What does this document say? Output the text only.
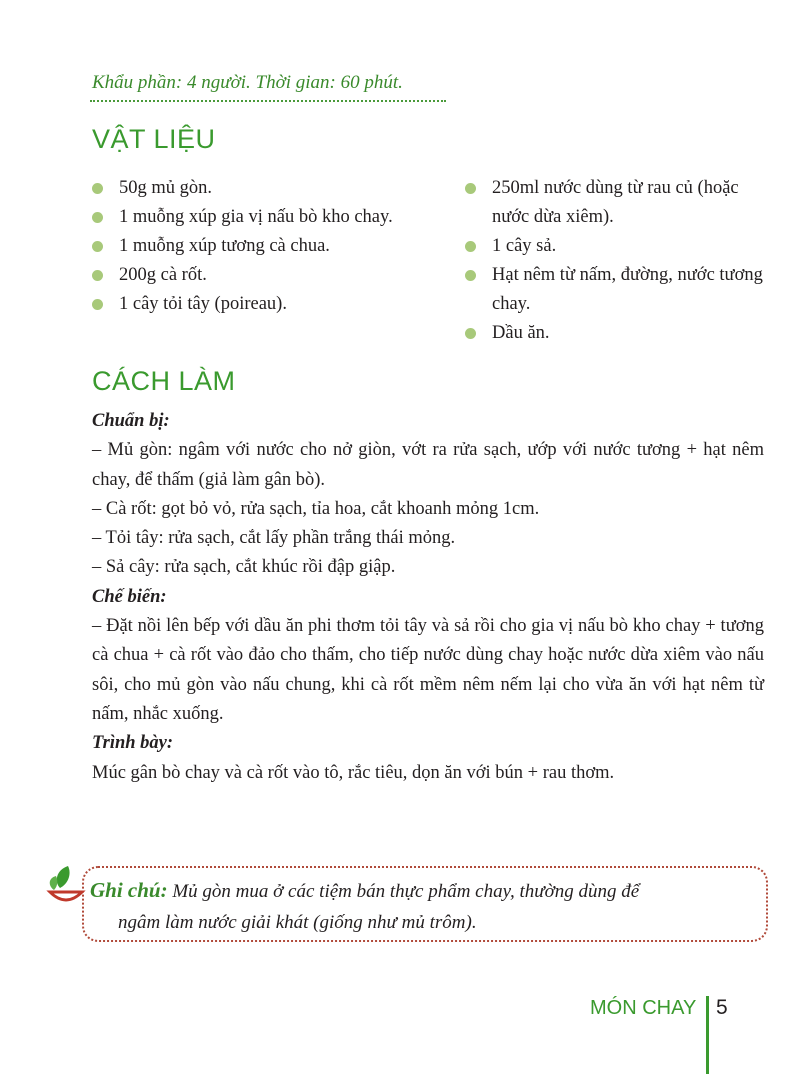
Khẩu phần: 4 người. Thời gian: 60 phút.
VẬT LIỆU
50g mủ gòn.
1 muỗng xúp gia vị nấu bò kho chay.
1 muỗng xúp tương cà chua.
200g cà rốt.
1 cây tỏi tây (poireau).
250ml nước dùng từ rau củ (hoặc nước dừa xiêm).
1 cây sả.
Hạt nêm từ nấm, đường, nước tương chay.
Dầu ăn.
CÁCH LÀM

Chuẩn bị:

– Mủ gòn: ngâm với nước cho nở giòn, vớt ra rửa sạch, ướp với nước tương + hạt nêm chay, để thấm (giả làm gân bò).

– Cà rốt: gọt bỏ vỏ, rửa sạch, tỉa hoa, cắt khoanh mỏng 1cm.

– Tỏi tây: rửa sạch, cắt lấy phần trắng thái mỏng.

– Sả cây: rửa sạch, cắt khúc rồi đập giập.

Chế biến:

– Đặt nồi lên bếp với dầu ăn phi thơm tỏi tây và sả rồi cho gia vị nấu bò kho chay + tương cà chua + cà rốt vào đảo cho thấm, cho tiếp nước dùng chay hoặc nước dừa xiêm vào nấu sôi, cho mủ gòn vào nấu chung, khi cà rốt mềm nêm nếm lại cho vừa ăn với hạt nêm từ nấm, nhắc xuống.

Trình bày:

Múc gân bò chay và cà rốt vào tô, rắc tiêu, dọn ăn với bún + rau thơm.

Ghi chú: Mủ gòn mua ở các tiệm bán thực phẩm chay, thường dùng để
ngâm làm nước giải khát (giống như mủ trôm).
MÓN CHAY 5
